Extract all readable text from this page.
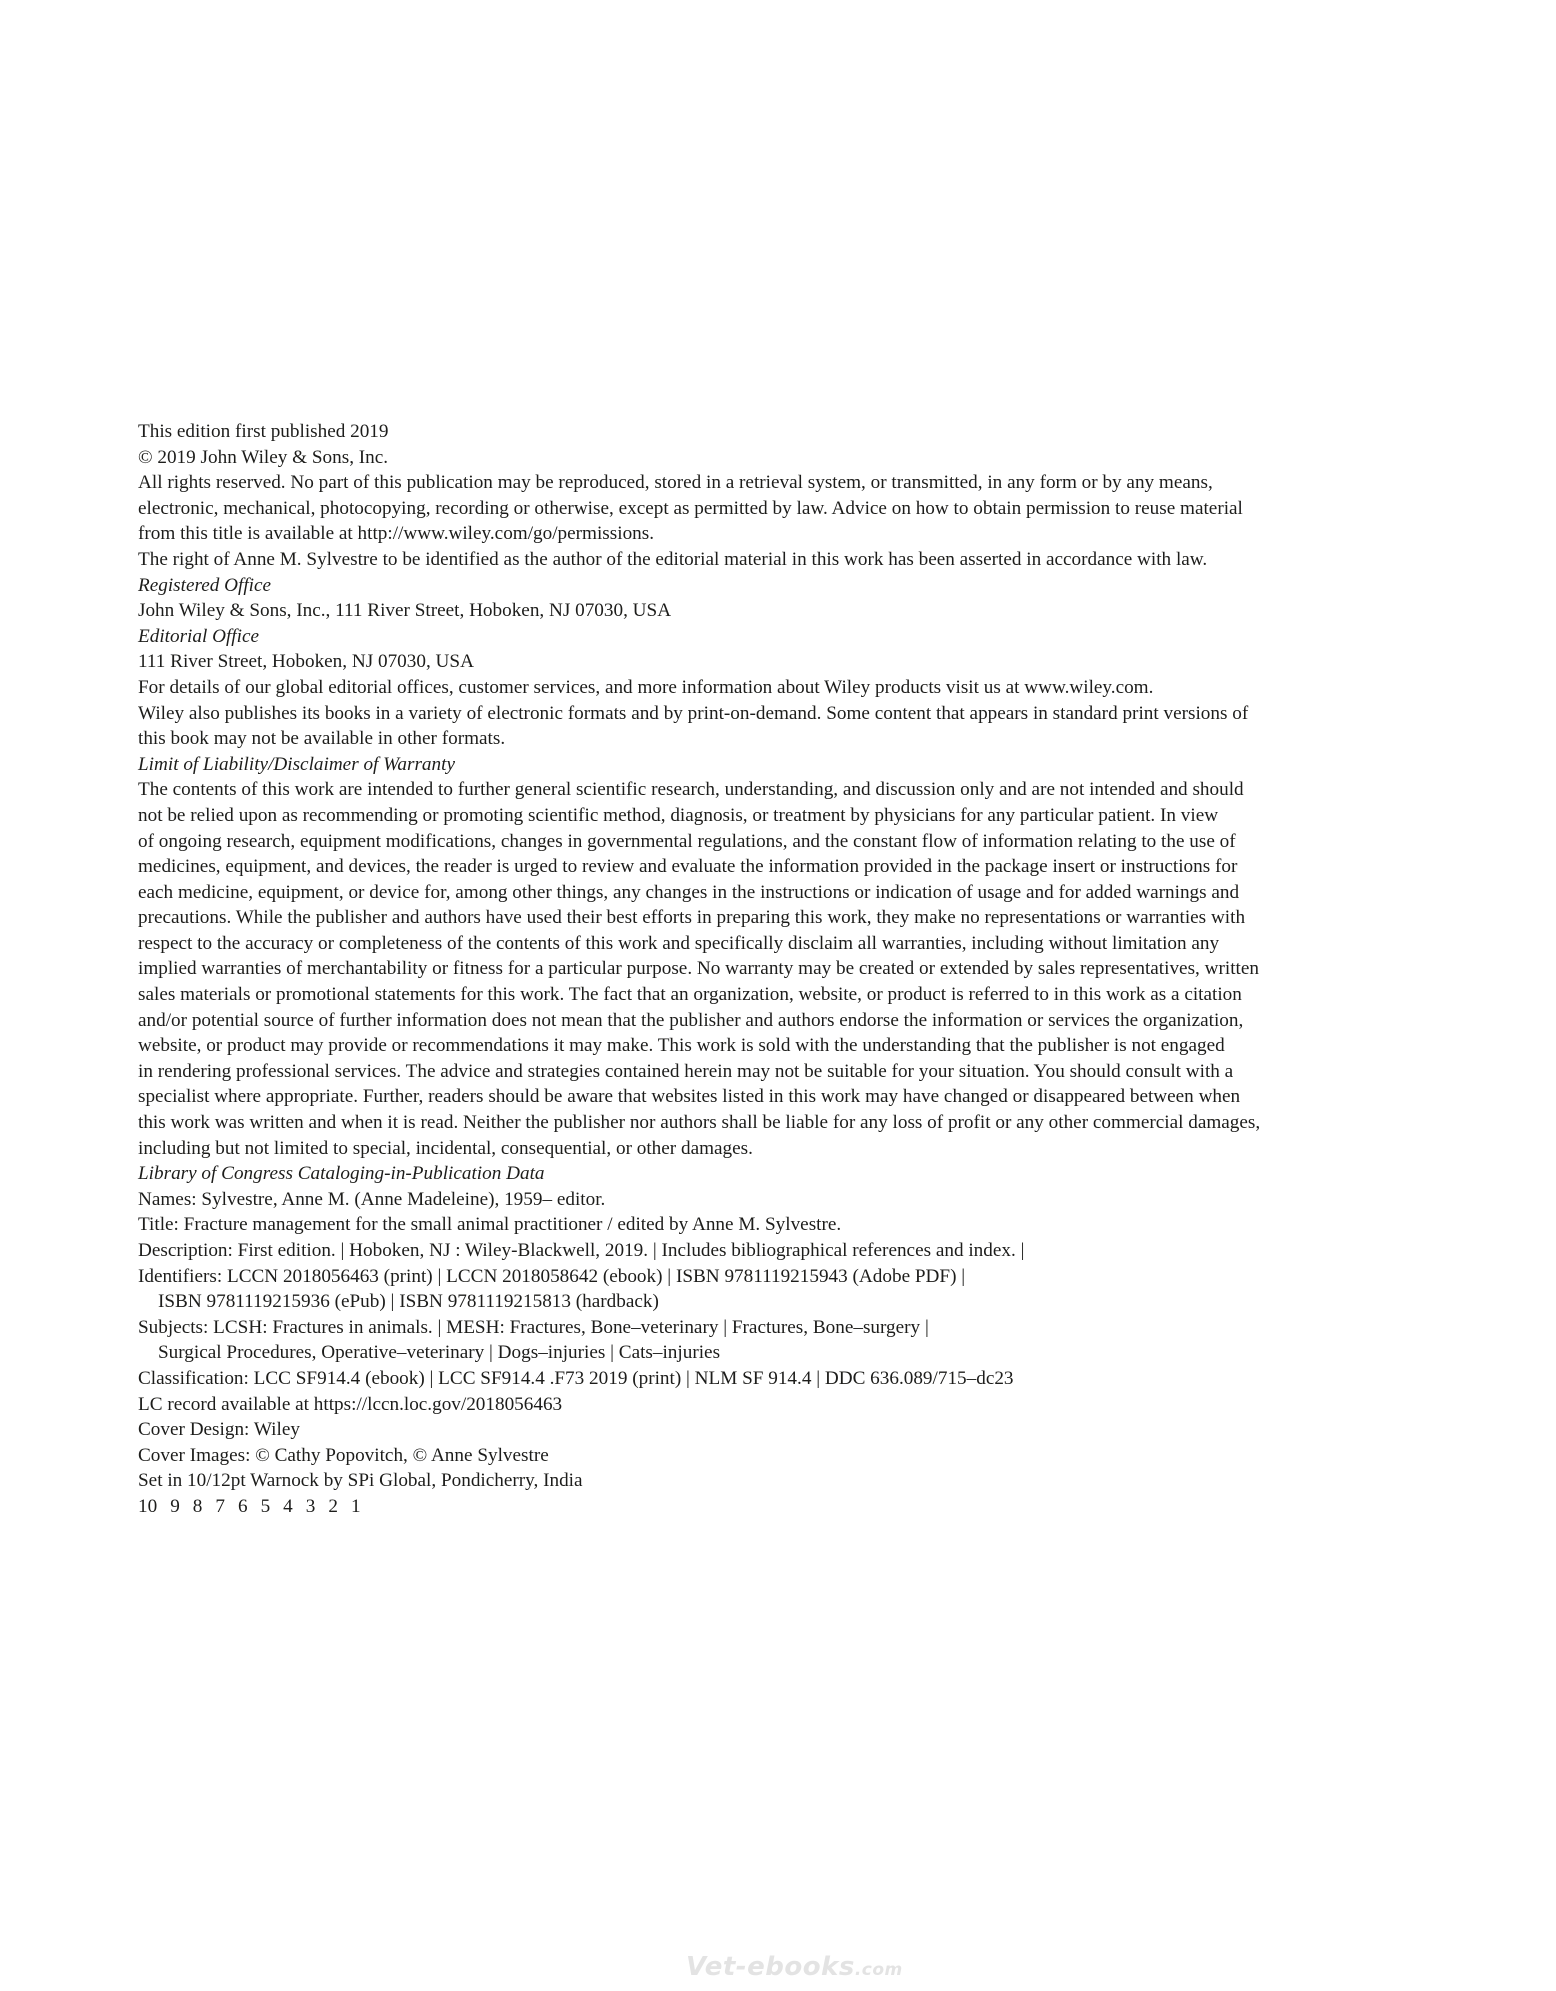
This edition first published 2019
© 2019 John Wiley & Sons, Inc.

All rights reserved. No part of this publication may be reproduced, stored in a retrieval system, or transmitted, in any form or by any means,
electronic, mechanical, photocopying, recording or otherwise, except as permitted by law. Advice on how to obtain permission to reuse material
from this title is available at http://www.wiley.com/go/permissions.

The right of Anne M. Sylvestre to be identified as the author of the editorial material in this work has been asserted in accordance with law.

Registered Office
John Wiley & Sons, Inc., 111 River Street, Hoboken, NJ 07030, USA

Editorial Office
111 River Street, Hoboken, NJ 07030, USA

For details of our global editorial offices, customer services, and more information about Wiley products visit us at www.wiley.com.

Wiley also publishes its books in a variety of electronic formats and by print-on-demand. Some content that appears in standard print versions of
this book may not be available in other formats.

Limit of Liability/Disclaimer of Warranty
The contents of this work are intended to further general scientific research, understanding, and discussion only and are not intended and should
not be relied upon as recommending or promoting scientific method, diagnosis, or treatment by physicians for any particular patient. In view
of ongoing research, equipment modifications, changes in governmental regulations, and the constant flow of information relating to the use of
medicines, equipment, and devices, the reader is urged to review and evaluate the information provided in the package insert or instructions for
each medicine, equipment, or device for, among other things, any changes in the instructions or indication of usage and for added warnings and
precautions. While the publisher and authors have used their best efforts in preparing this work, they make no representations or warranties with
respect to the accuracy or completeness of the contents of this work and specifically disclaim all warranties, including without limitation any
implied warranties of merchantability or fitness for a particular purpose. No warranty may be created or extended by sales representatives, written
sales materials or promotional statements for this work. The fact that an organization, website, or product is referred to in this work as a citation
and/or potential source of further information does not mean that the publisher and authors endorse the information or services the organization,
website, or product may provide or recommendations it may make. This work is sold with the understanding that the publisher is not engaged
in rendering professional services. The advice and strategies contained herein may not be suitable for your situation. You should consult with a
specialist where appropriate. Further, readers should be aware that websites listed in this work may have changed or disappeared between when
this work was written and when it is read. Neither the publisher nor authors shall be liable for any loss of profit or any other commercial damages,
including but not limited to special, incidental, consequential, or other damages.

Library of Congress Cataloging-in-Publication Data

Names: Sylvestre, Anne M. (Anne Madeleine), 1959– editor.
Title: Fracture management for the small animal practitioner / edited by Anne M. Sylvestre.
Description: First edition. | Hoboken, NJ : Wiley-Blackwell, 2019. | Includes bibliographical references and index. |
Identifiers: LCCN 2018056463 (print) | LCCN 2018058642 (ebook) | ISBN 9781119215943 (Adobe PDF) |
ISBN 9781119215936 (ePub) | ISBN 9781119215813 (hardback)
Subjects: LCSH: Fractures in animals. | MESH: Fractures, Bone–veterinary | Fractures, Bone–surgery |
Surgical Procedures, Operative–veterinary | Dogs–injuries | Cats–injuries
Classification: LCC SF914.4 (ebook) | LCC SF914.4 .F73 2019 (print) | NLM SF 914.4 | DDC 636.089/715–dc23
LC record available at https://lccn.loc.gov/2018056463

Cover Design: Wiley
Cover Images: © Cathy Popovitch, © Anne Sylvestre

Set in 10/12pt Warnock by SPi Global, Pondicherry, India

10 9 8 7 6 5 4 3 2 1

Vet-ebooks.com
